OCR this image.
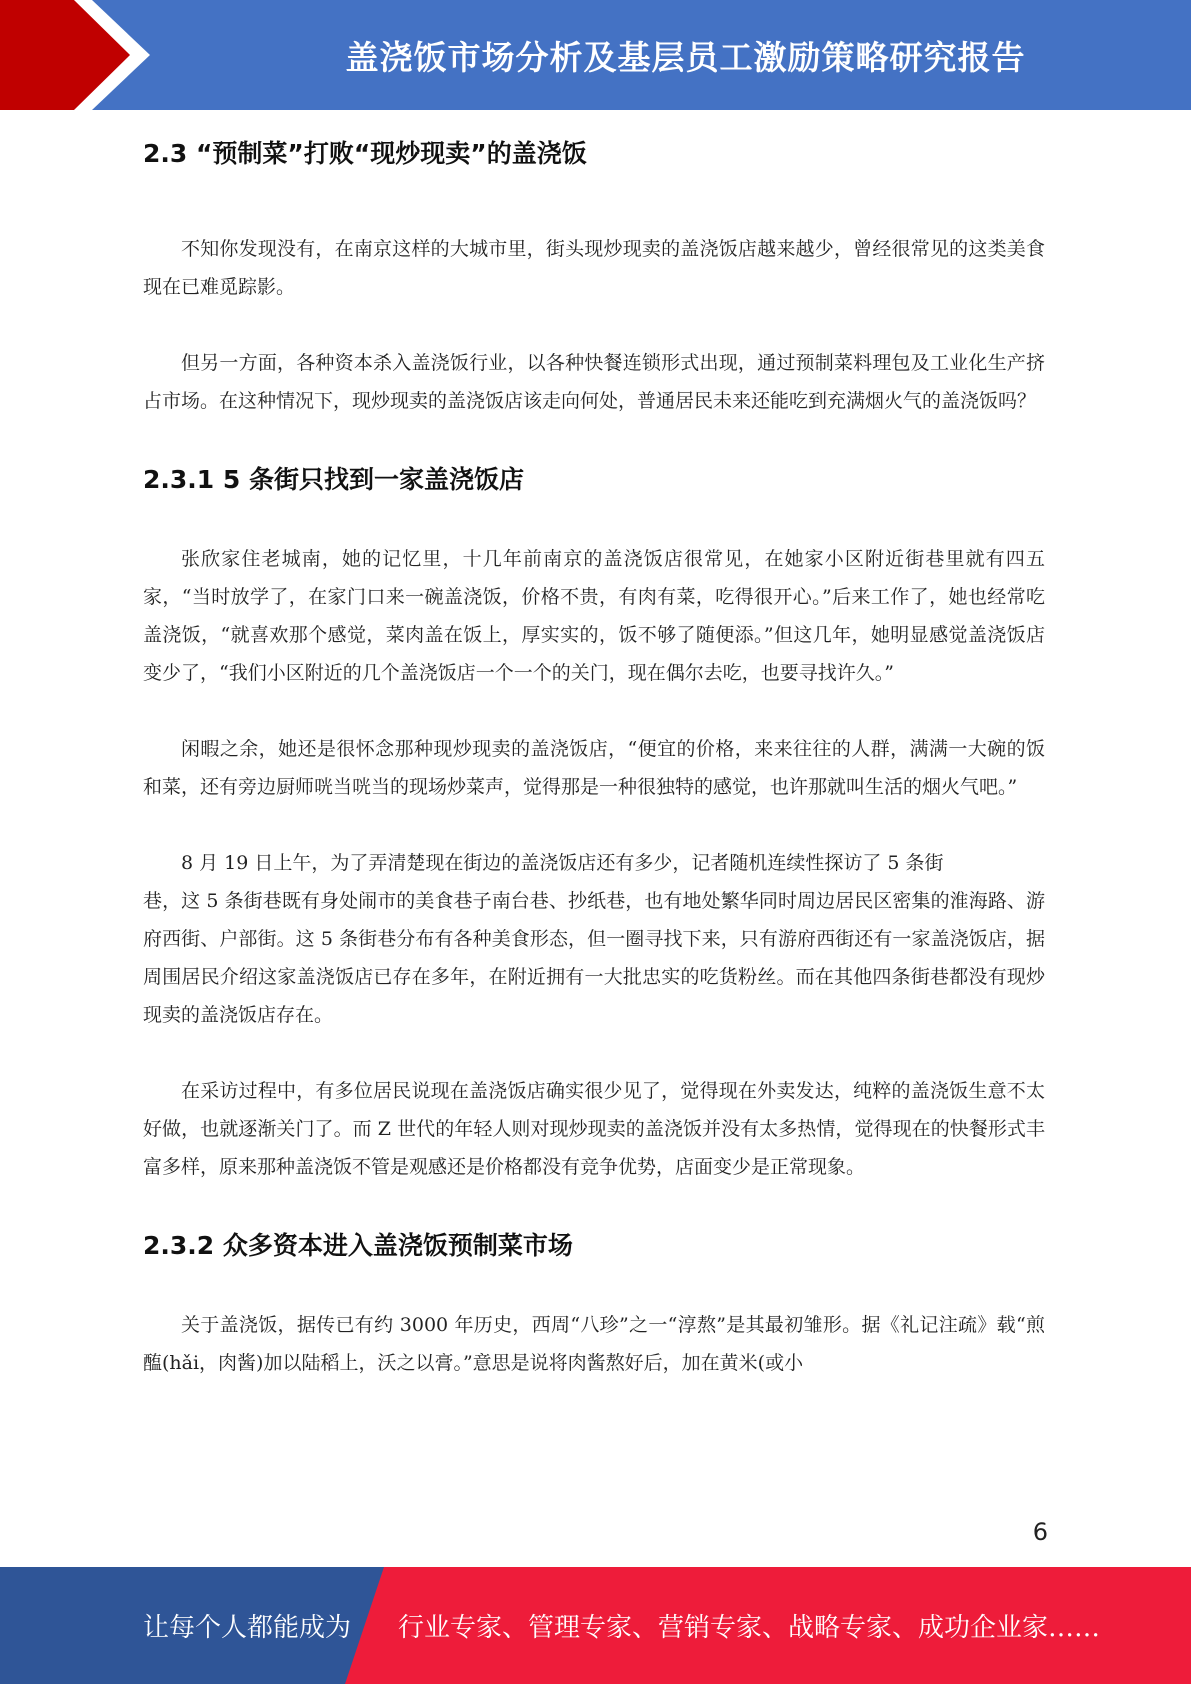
盖浇饭市场分析及基层员工激励策略研究报告
2.3 “预制菜”打败“现炒现卖”的盖浇饭

不知你发现没有，在南京这样的大城市里，街头现炒现卖的盖浇饭店越来越少，曾经很常见的这类美食现在已难觅踪影。

但另一方面，各种资本杀入盖浇饭行业，以各种快餐连锁形式出现，通过预制菜料理包及工业化生产挤占市场。在这种情况下，现炒现卖的盖浇饭店该走向何处，普通居民未来还能吃到充满烟火气的盖浇饭吗？

2.3.1 5 条街只找到一家盖浇饭店

张欣家住老城南，她的记忆里，十几年前南京的盖浇饭店很常见，在她家小区附近街巷里就有四五家，“当时放学了，在家门口来一碗盖浇饭，价格不贵，有肉有菜，吃得很开心。”后来工作了，她也经常吃盖浇饭，“就喜欢那个感觉，菜肉盖在饭上，厚实实的，饭不够了随便添。”但这几年，她明显感觉盖浇饭店变少了，“我们小区附近的几个盖浇饭店一个一个的关门，现在偶尔去吃，也要寻找许久。”

闲暇之余，她还是很怀念那种现炒现卖的盖浇饭店，“便宜的价格，来来往往的人群，满满一大碗的饭和菜，还有旁边厨师咣当咣当的现场炒菜声，觉得那是一种很独特的感觉，也许那就叫生活的烟火气吧。”

8 月 19 日上午，为了弄清楚现在街边的盖浇饭店还有多少，记者随机连续性探访了 5 条街

巷，这 5 条街巷既有身处闹市的美食巷子南台巷、抄纸巷，也有地处繁华同时周边居民区密集的淮海路、游府西街、户部街。这 5 条街巷分布有各种美食形态，但一圈寻找下来，只有游府西街还有一家盖浇饭店，据周围居民介绍这家盖浇饭店已存在多年，在附近拥有一大批忠实的吃货粉丝。而在其他四条街巷都没有现炒现卖的盖浇饭店存在。

在采访过程中，有多位居民说现在盖浇饭店确实很少见了，觉得现在外卖发达，纯粹的盖浇饭生意不太好做，也就逐渐关门了。而 Z 世代的年轻人则对现炒现卖的盖浇饭并没有太多热情，觉得现在的快餐形式丰富多样，原来那种盖浇饭不管是观感还是价格都没有竞争优势，店面变少是正常现象。

2.3.2 众多资本进入盖浇饭预制菜市场

关于盖浇饭，据传已有约 3000 年历史，西周“八珍”之一“淳熬”是其最初雏形。据《礼记注疏》载“煎醢(hǎi，肉酱)加以陆稻上，沃之以膏。”意思是说将肉酱熬好后，加在黄米(或小

6
让每个人都能成为 行业专家、管理专家、营销专家、战略专家、成功企业家……
